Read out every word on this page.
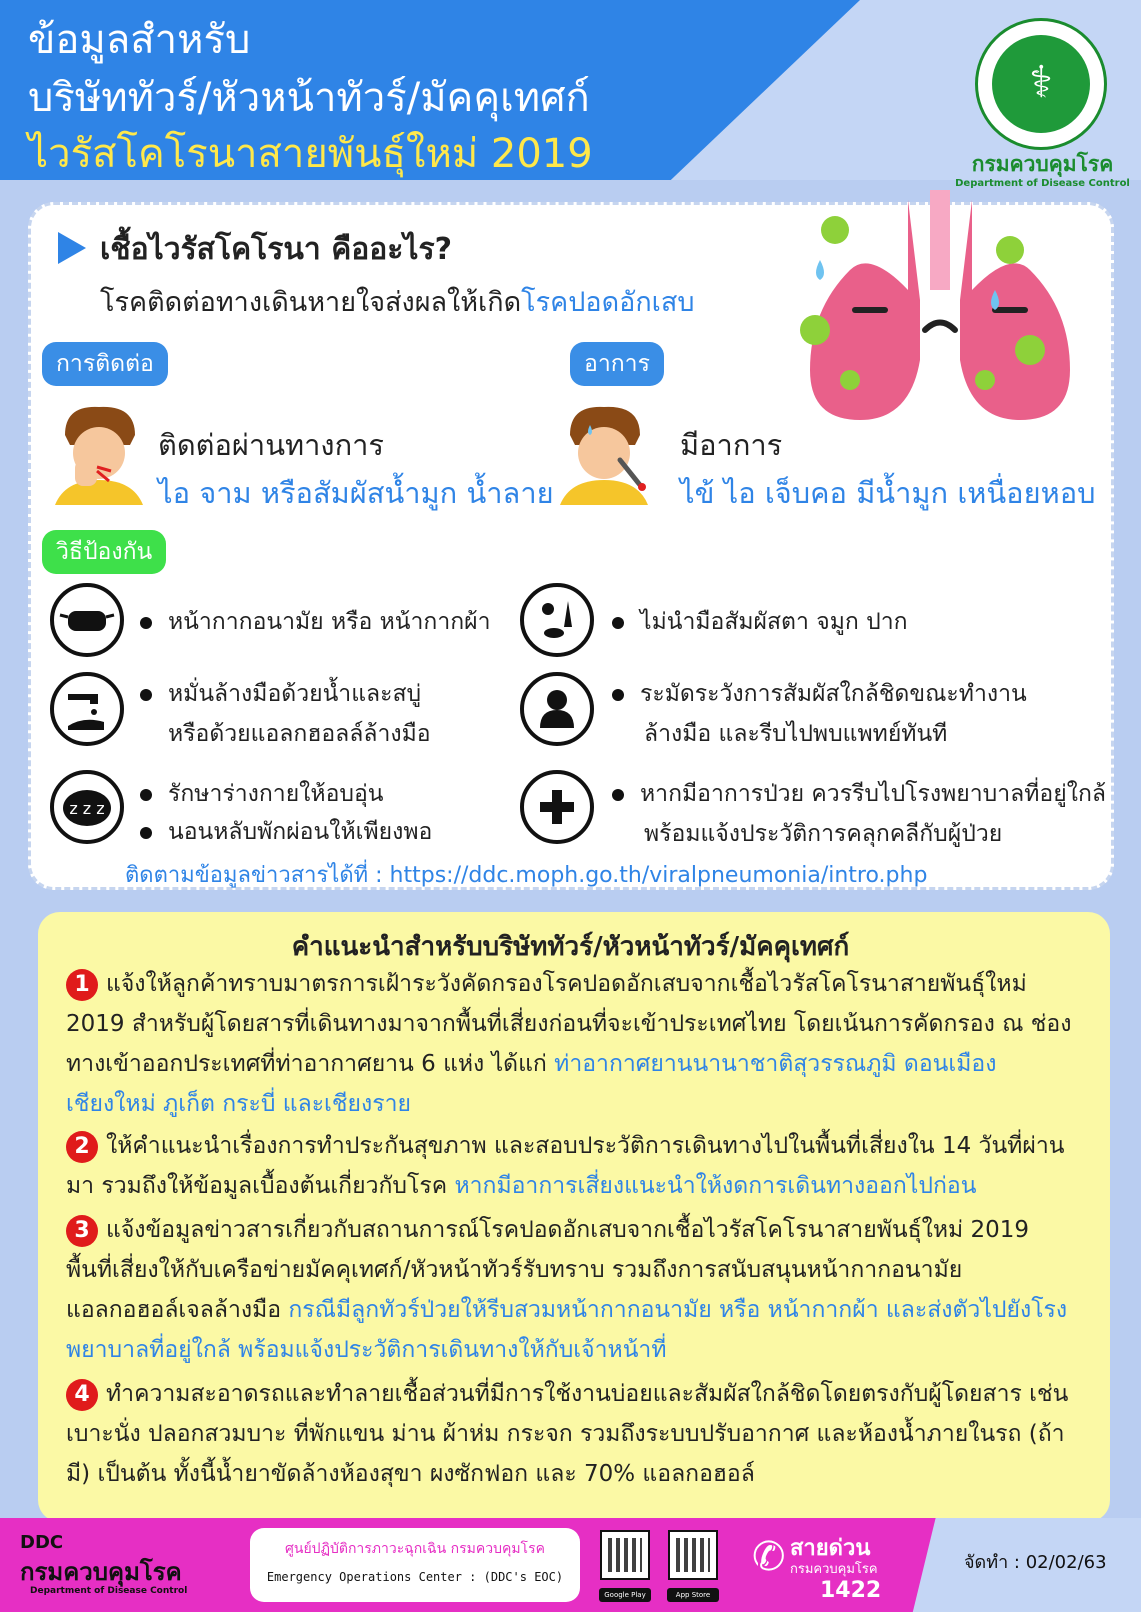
ข้อมูลสำหรับ
บริษัททัวร์/หัวหน้าทัวร์/มัคคุเทศก์
ไวรัสโคโรนาสายพันธุ์ใหม่ 2019
⚕
กรมควบคุมโรค
Department of Disease Control
เชื้อไวรัสโคโรนา คืออะไร?
โรคติดต่อทางเดินหายใจส่งผลให้เกิดโรคปอดอักเสบ
การติดต่อ	อาการ
ติดต่อผ่านทางการ
ไอ จาม หรือสัมผัสน้ำมูก น้ำลาย
มีอาการ
ไข้ ไอ เจ็บคอ มีน้ำมูก เหนื่อยหอบ
วิธีป้องกัน
หน้ากากอนามัย หรือ หน้ากากผ้า
หมั่นล้างมือด้วยน้ำและสบู่
หรือด้วยแอลกฮอลล์ล้างมือ
z z z
รักษาร่างกายให้อบอุ่น
นอนหลับพักผ่อนให้เพียงพอ
ไม่นำมือสัมผัสตา จมูก ปาก
ระมัดระวังการสัมผัสใกล้ชิดขณะทำงาน
ล้างมือ และรีบไปพบแพทย์ทันที
หากมีอาการป่วย ควรรีบไปโรงพยาบาลที่อยู่ใกล้
พร้อมแจ้งประวัติการคลุกคลีกับผู้ป่วย
ติดตามข้อมูลข่าวสารได้ที่ : https://ddc.moph.go.th/viralpneumonia/intro.php
คำแนะนำสำหรับบริษัททัวร์/หัวหน้าทัวร์/มัคคุเทศก์
1 แจ้งให้ลูกค้าทราบมาตรการเฝ้าระวังคัดกรองโรคปอดอักเสบจากเชื้อไวรัสโคโรนาสายพันธุ์ใหม่ 2019 สำหรับผู้โดยสารที่เดินทางมาจากพื้นที่เสี่ยงก่อนที่จะเข้าประเทศไทย โดยเน้นการคัดกรอง ณ ช่องทางเข้าออกประเทศที่ท่าอากาศยาน 6 แห่ง ได้แก่ ท่าอากาศยานนานาชาติสุวรรณภูมิ ดอนเมือง เชียงใหม่ ภูเก็ต กระบี่ และเชียงราย
2 ให้คำแนะนำเรื่องการทำประกันสุขภาพ และสอบประวัติการเดินทางไปในพื้นที่เสี่ยงใน 14 วันที่ผ่านมา รวมถึงให้ข้อมูลเบื้องต้นเกี่ยวกับโรค หากมีอาการเสี่ยงแนะนำให้งดการเดินทางออกไปก่อน
3 แจ้งข้อมูลข่าวสารเกี่ยวกับสถานการณ์โรคปอดอักเสบจากเชื้อไวรัสโคโรนาสายพันธุ์ใหม่ 2019 พื้นที่เสี่ยงให้กับเครือข่ายมัคคุเทศก์/หัวหน้าทัวร์รับทราบ รวมถึงการสนับสนุนหน้ากากอนามัย แอลกอฮอล์เจลล้างมือ กรณีมีลูกทัวร์ป่วยให้รีบสวมหน้ากากอนามัย หรือ หน้ากากผ้า และส่งตัวไปยังโรงพยาบาลที่อยู่ใกล้ พร้อมแจ้งประวัติการเดินทางให้กับเจ้าหน้าที่
4 ทำความสะอาดรถและทำลายเชื้อส่วนที่มีการใช้งานบ่อยและสัมผัสใกล้ชิดโดยตรงกับผู้โดยสาร เช่น เบาะนั่ง ปลอกสวมบาะ ที่พักแขน ม่าน ผ้าห่ม กระจก รวมถึงระบบปรับอากาศ และห้องน้ำภายในรถ (ถ้ามี) เป็นต้น ทั้งนี้น้ำยาขัดล้างห้องสุขา ผงซักฟอก และ 70% แอลกอฮอล์
DDC
กรมควบคุมโรค
Department of Disease Control
ศูนย์ปฏิบัติการภาวะฉุกเฉิน กรมควบคุมโรค
Emergency Operations Center : (DDC's EOC)
Google Play	App Store
✆ สายด่วน
กรมควบคุมโรค
1422
จัดทำ : 02/02/63
